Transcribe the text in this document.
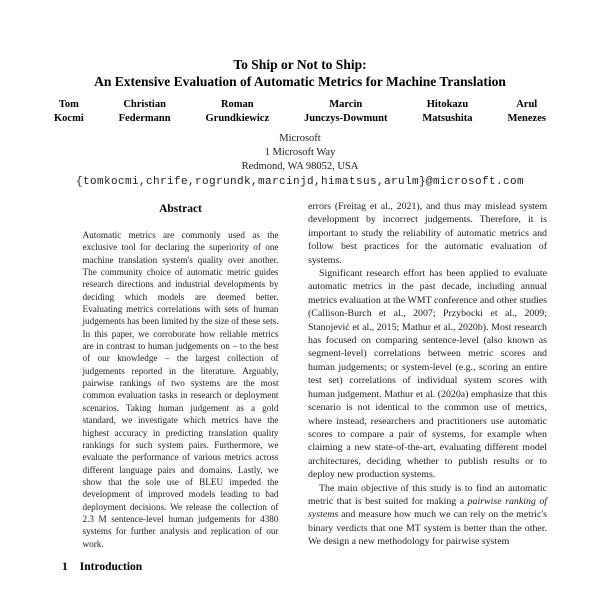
To Ship or Not to Ship:
An Extensive Evaluation of Automatic Metrics for Machine Translation
Tom
Kocmi
Christian
Federmann
Roman
Grundkiewicz
Marcin
Junczys-Dowmunt
Hitokazu
Matsushita
Arul
Menezes
Microsoft
1 Microsoft Way
Redmond, WA 98052, USA
{tomkocmi,chrife,rogrundk,marcinjd,himatsus,arulm}@microsoft.com
Abstract

Automatic metrics are commonly used as the exclusive tool for declaring the superiority of one machine translation system's quality over another. The community choice of automatic metric guides research directions and industrial developments by deciding which models are deemed better. Evaluating metrics correlations with sets of human judgements has been limited by the size of these sets. In this paper, we corroborate how reliable metrics are in contrast to human judgements on – to the best of our knowledge – the largest collection of judgements reported in the literature. Arguably, pairwise rankings of two systems are the most common evaluation tasks in research or deployment scenarios. Taking human judgement as a gold standard, we investigate which metrics have the highest accuracy in predicting translation quality rankings for such system pairs. Furthermore, we evaluate the performance of various metrics across different language pairs and domains. Lastly, we show that the sole use of BLEU impeded the development of improved models leading to bad deployment decisions. We release the collection of 2.3 M sentence-level human judgements for 4380 systems for further analysis and replication of our work.

1 Introduction

errors (Freitag et al., 2021), and thus may mislead system development by incorrect judgements. Therefore, it is important to study the reliability of automatic metrics and follow best practices for the automatic evaluation of systems.

Significant research effort has been applied to evaluate automatic metrics in the past decade, including annual metrics evaluation at the WMT conference and other studies (Callison-Burch et al., 2007; Przybocki et al., 2009; Stanojević et al., 2015; Mathur et al., 2020b). Most research has focused on comparing sentence-level (also known as segment-level) correlations between metric scores and human judgements; or system-level (e.g., scoring an entire test set) correlations of individual system scores with human judgement. Mathur et al. (2020a) emphasize that this scenario is not identical to the common use of metrics, where instead, researchers and practitioners use automatic scores to compare a pair of systems, for example when claiming a new state-of-the-art, evaluating different model architectures, deciding whether to publish results or to deploy new production systems.

The main objective of this study is to find an automatic metric that is best suited for making a pairwise ranking of systems and measure how much we can rely on the metric's binary verdicts that one MT system is better than the other. We design a new methodology for pairwise system
